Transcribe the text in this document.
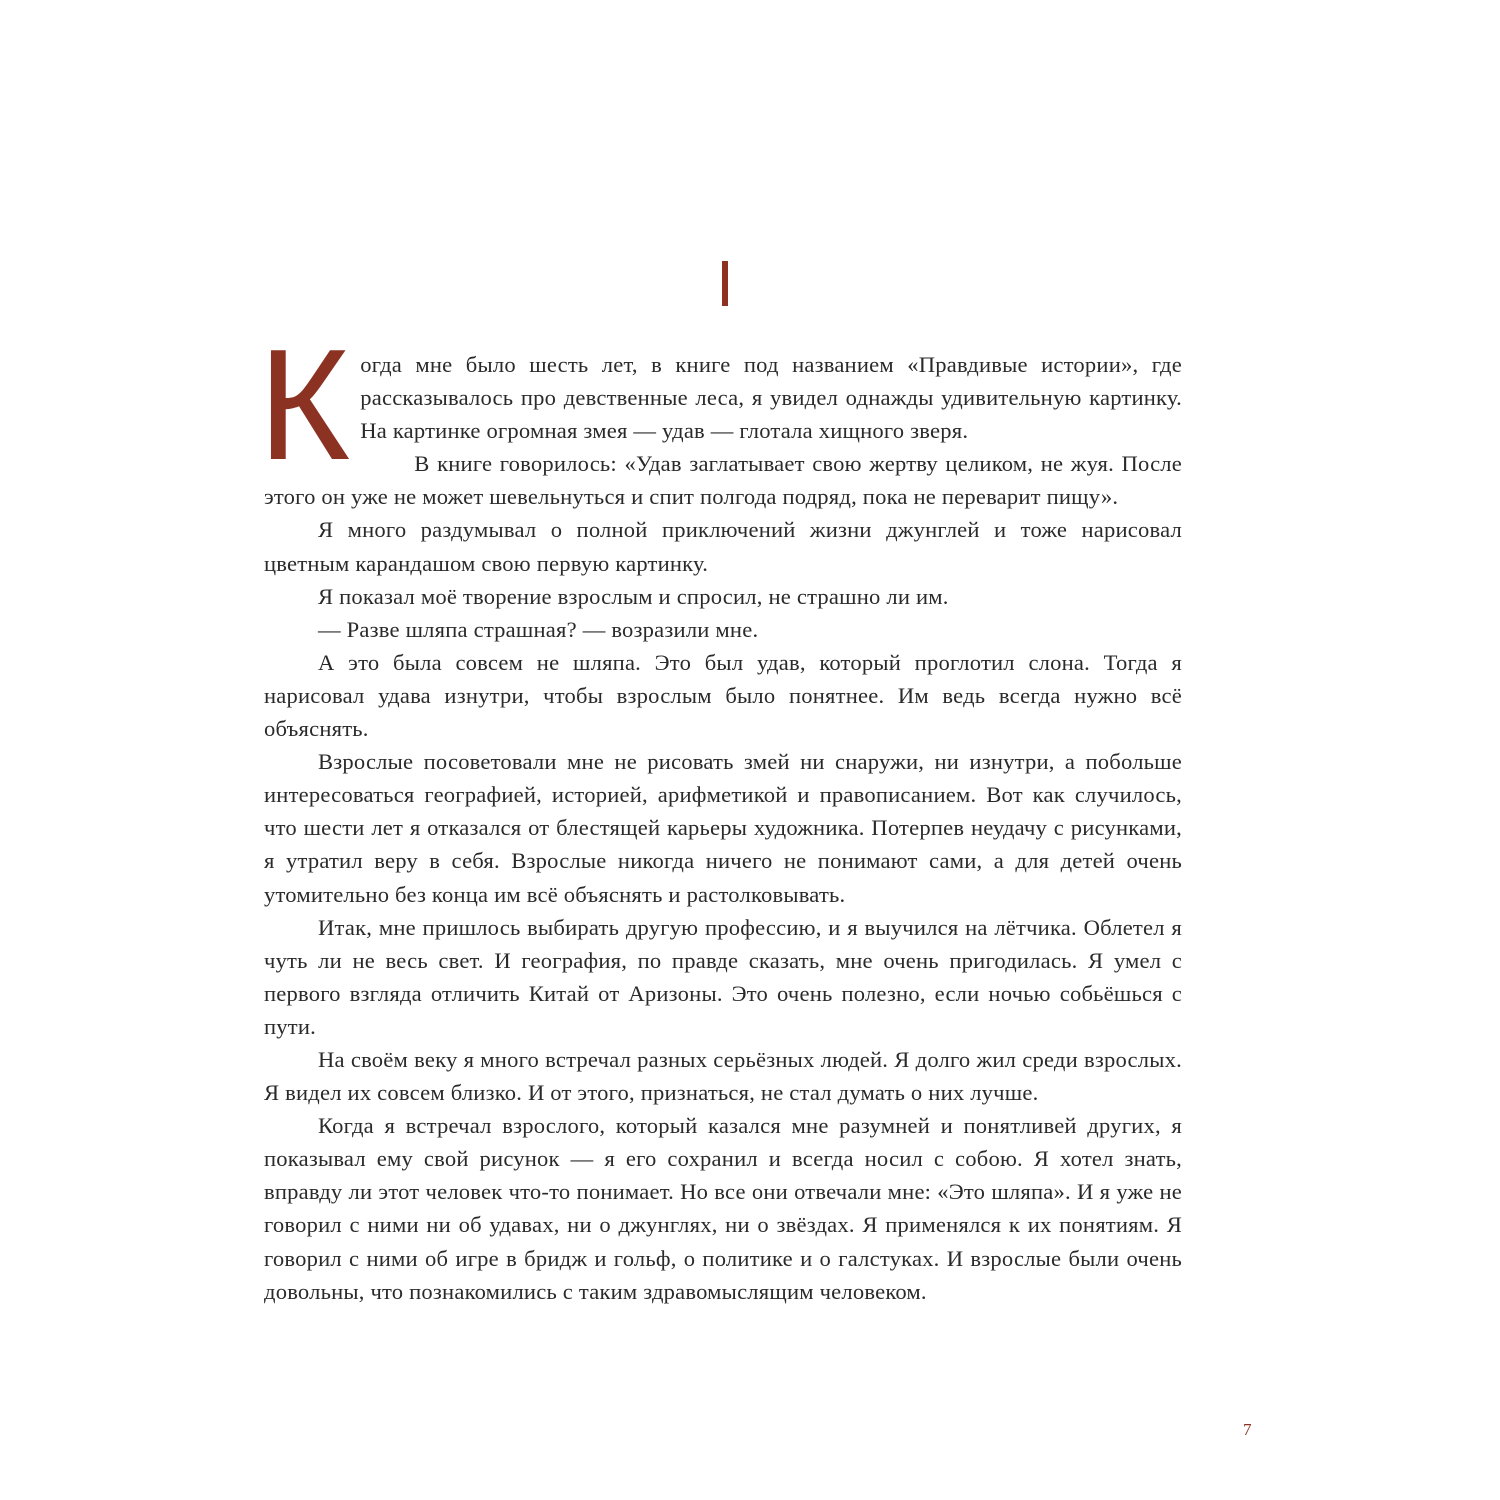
Когда мне было шесть лет, в книге под названием «Правдивые истории», где рассказывалось про девственные леса, я увидел однажды удивительную картинку. На картинке огромная змея — удав — глотала хищного зверя.

В книге говорилось: «Удав заглатывает свою жертву целиком, не жуя. После этого он уже не может шевельнуться и спит полгода подряд, пока не переварит пищу».

Я много раздумывал о полной приключений жизни джунглей и тоже нарисовал цветным карандашом свою первую картинку.

Я показал моё творение взрослым и спросил, не страшно ли им.

— Разве шляпа страшная? — возразили мне.

А это была совсем не шляпа. Это был удав, который проглотил слона. Тогда я нарисовал удава изнутри, чтобы взрослым было понятнее. Им ведь всегда нужно всё объяснять.

Взрослые посоветовали мне не рисовать змей ни снаружи, ни изнутри, а побольше интересоваться географией, историей, арифметикой и правописанием. Вот как случилось, что шести лет я отказался от блестящей карьеры художника. Потерпев неудачу с рисунками, я утратил веру в себя. Взрослые никогда ничего не понимают сами, а для детей очень утомительно без конца им всё объяснять и растолковывать.

Итак, мне пришлось выбирать другую профессию, и я выучился на лётчика. Облетел я чуть ли не весь свет. И география, по правде сказать, мне очень пригодилась. Я умел с первого взгляда отличить Китай от Аризоны. Это очень полезно, если ночью собьёшься с пути.

На своём веку я много встречал разных серьёзных людей. Я долго жил среди взрослых. Я видел их совсем близко. И от этого, признаться, не стал думать о них лучше.

Когда я встречал взрослого, который казался мне разумней и понятливей других, я показывал ему свой рисунок — я его сохранил и всегда носил с собою. Я хотел знать, вправду ли этот человек что-то понимает. Но все они отвечали мне: «Это шляпа». И я уже не говорил с ними ни об удавах, ни о джунглях, ни о звёздах. Я применялся к их понятиям. Я говорил с ними об игре в бридж и гольф, о политике и о галстуках. И взрослые были очень довольны, что познакомились с таким здравомыслящим человеком.

7
